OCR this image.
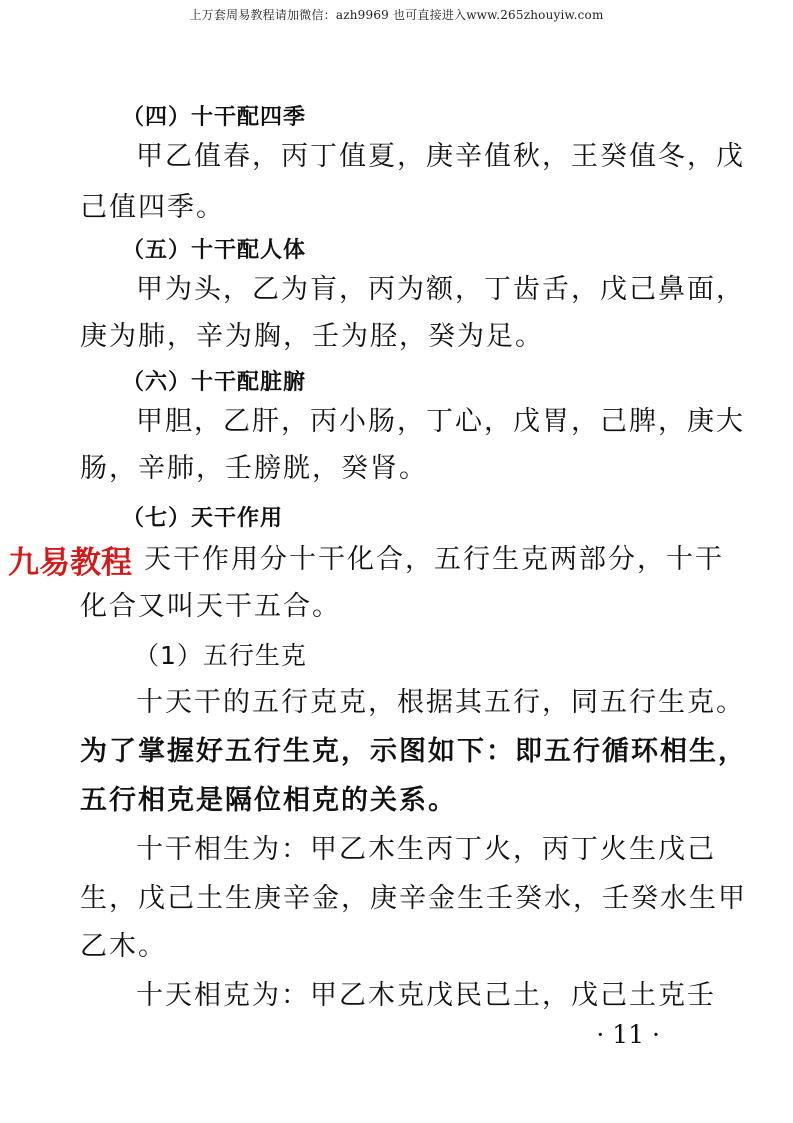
上万套周易教程请加微信：azh9969 也可直接进入www.265zhouyiw.com
（四）十干配四季
甲乙值春，丙丁值夏，庚辛值秋，王癸值冬，戊
己值四季。
（五）十干配人体
甲为头，乙为肓，丙为额，丁齿舌，戊己鼻面，
庚为肺，辛为胸，壬为胫，癸为足。
（六）十干配脏腑
甲胆，乙肝，丙小肠，丁心，戊胃，己脾，庚大
肠，辛肺，壬膀胱，癸肾。
（七）天干作用
九易教程 天干作用分十干化合，五行生克两部分，十干
化合又叫天干五合。
（1）五行生克
十天干的五行克克，根据其五行，同五行生克。
为了掌握好五行生克，示图如下：即五行循环相生，
五行相克是隔位相克的关系。
十干相生为：甲乙木生丙丁火，丙丁火生戊己
生，戊己土生庚辛金，庚辛金生壬癸水，壬癸水生甲
乙木。
十天相克为：甲乙木克戊民己土，戊己土克壬
· 11 ·
